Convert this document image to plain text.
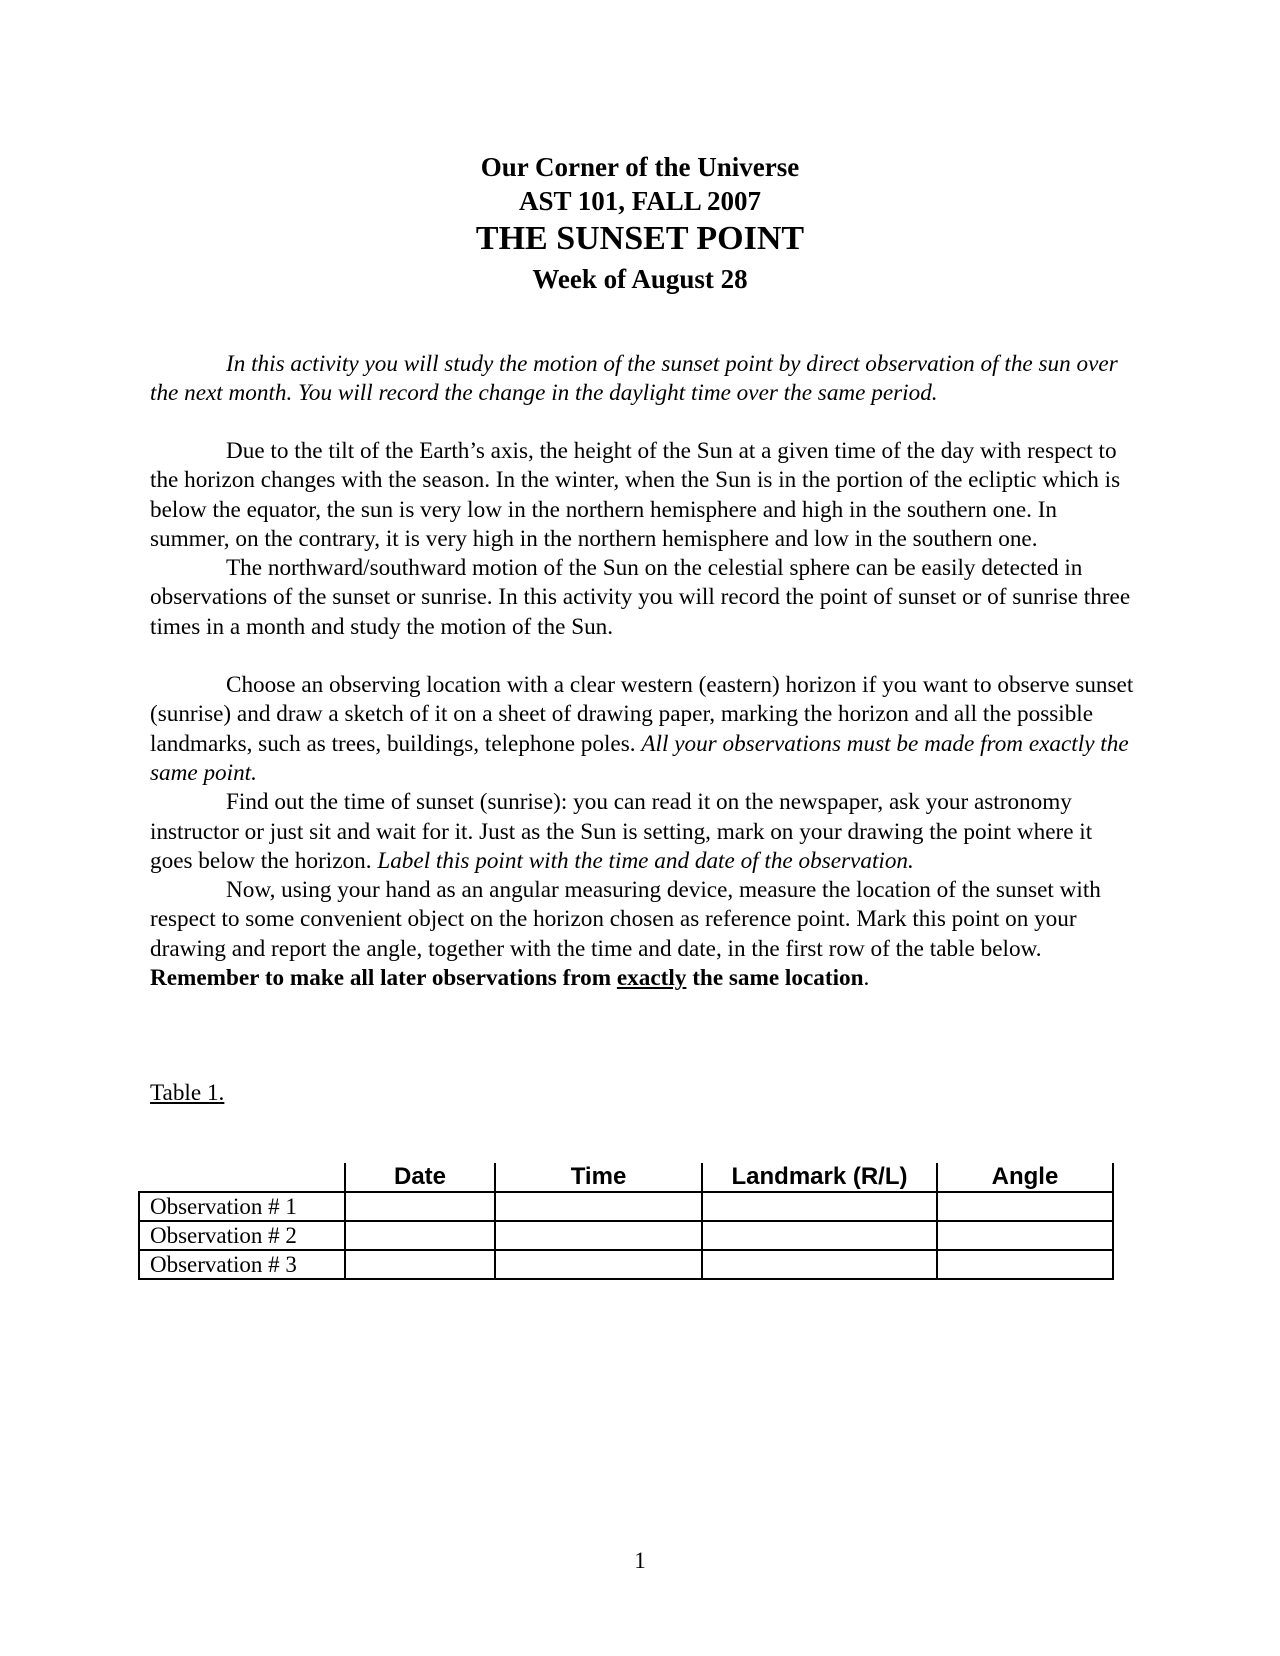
Our Corner of the Universe
AST 101, FALL 2007
THE SUNSET POINT
Week of August 28

In this activity you will study the motion of the sunset point by direct observation of the sun over the next month. You will record the change in the daylight time over the same period.

Due to the tilt of the Earth’s axis, the height of the Sun at a given time of the day with respect to the horizon changes with the season. In the winter, when the Sun is in the portion of the ecliptic which is below the equator, the sun is very low in the northern hemisphere and high in the southern one. In summer, on the contrary, it is very high in the northern hemisphere and low in the southern one.

The northward/southward motion of the Sun on the celestial sphere can be easily detected in observations of the sunset or sunrise. In this activity you will record the point of sunset or of sunrise three times in a month and study the motion of the Sun.

Choose an observing location with a clear western (eastern) horizon if you want to observe sunset (sunrise) and draw a sketch of it on a sheet of drawing paper, marking the horizon and all the possible landmarks, such as trees, buildings, telephone poles. All your observations must be made from exactly the same point.

Find out the time of sunset (sunrise): you can read it on the newspaper, ask your astronomy instructor or just sit and wait for it. Just as the Sun is setting, mark on your drawing the point where it goes below the horizon. Label this point with the time and date of the observation.

Now, using your hand as an angular measuring device, measure the location of the sunset with respect to some convenient object on the horizon chosen as reference point. Mark this point on your drawing and report the angle, together with the time and date, in the first row of the table below. Remember to make all later observations from exactly the same location.

Table 1.
	Date	Time	Landmark (R/L)	Angle
Observation # 1				
Observation # 2				
Observation # 3				
1
